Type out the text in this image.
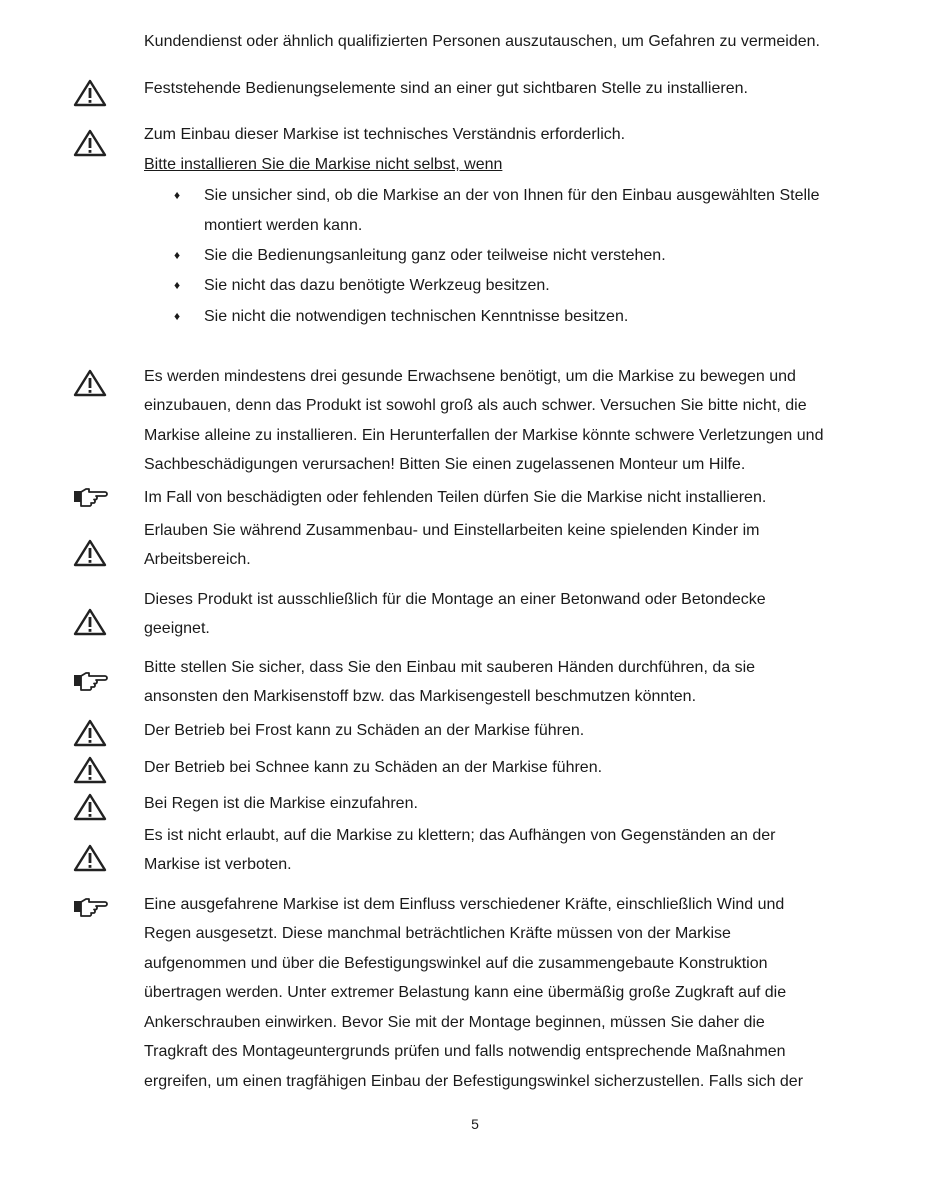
Kundendienst oder ähnlich qualifizierten Personen auszutauschen, um Gefahren zu vermeiden.
Feststehende Bedienungselemente sind an einer gut sichtbaren Stelle zu installieren.
Zum Einbau dieser Markise ist technisches Verständnis erforderlich.
Bitte installieren Sie die Markise nicht selbst, wenn
♦ Sie unsicher sind, ob die Markise an der von Ihnen für den Einbau ausgewählten Stelle
montiert werden kann.
♦ Sie die Bedienungsanleitung ganz oder teilweise nicht verstehen.
♦ Sie nicht das dazu benötigte Werkzeug besitzen.
♦ Sie nicht die notwendigen technischen Kenntnisse besitzen.
Es werden mindestens drei gesunde Erwachsene benötigt, um die Markise zu bewegen und
einzubauen, denn das Produkt ist sowohl groß als auch schwer. Versuchen Sie bitte nicht, die
Markise alleine zu installieren. Ein Herunterfallen der Markise könnte schwere Verletzungen und
Sachbeschädigungen verursachen! Bitten Sie einen zugelassenen Monteur um Hilfe.
Im Fall von beschädigten oder fehlenden Teilen dürfen Sie die Markise nicht installieren.
Erlauben Sie während Zusammenbau- und Einstellarbeiten keine spielenden Kinder im
Arbeitsbereich.
Dieses Produkt ist ausschließlich für die Montage an einer Betonwand oder Betondecke
geeignet.
Bitte stellen Sie sicher, dass Sie den Einbau mit sauberen Händen durchführen, da sie
ansonsten den Markisenstoff bzw. das Markisengestell beschmutzen könnten.
Der Betrieb bei Frost kann zu Schäden an der Markise führen.
Der Betrieb bei Schnee kann zu Schäden an der Markise führen.
Bei Regen ist die Markise einzufahren.
Es ist nicht erlaubt, auf die Markise zu klettern; das Aufhängen von Gegenständen an der
Markise ist verboten.
Eine ausgefahrene Markise ist dem Einfluss verschiedener Kräfte, einschließlich Wind und
Regen ausgesetzt. Diese manchmal beträchtlichen Kräfte müssen von der Markise
aufgenommen und über die Befestigungswinkel auf die zusammengebaute Konstruktion
übertragen werden. Unter extremer Belastung kann eine übermäßig große Zugkraft auf die
Ankerschrauben einwirken. Bevor Sie mit der Montage beginnen, müssen Sie daher die
Tragkraft des Montageuntergrunds prüfen und falls notwendig entsprechende Maßnahmen
ergreifen, um einen tragfähigen Einbau der Befestigungswinkel sicherzustellen. Falls sich der
5
